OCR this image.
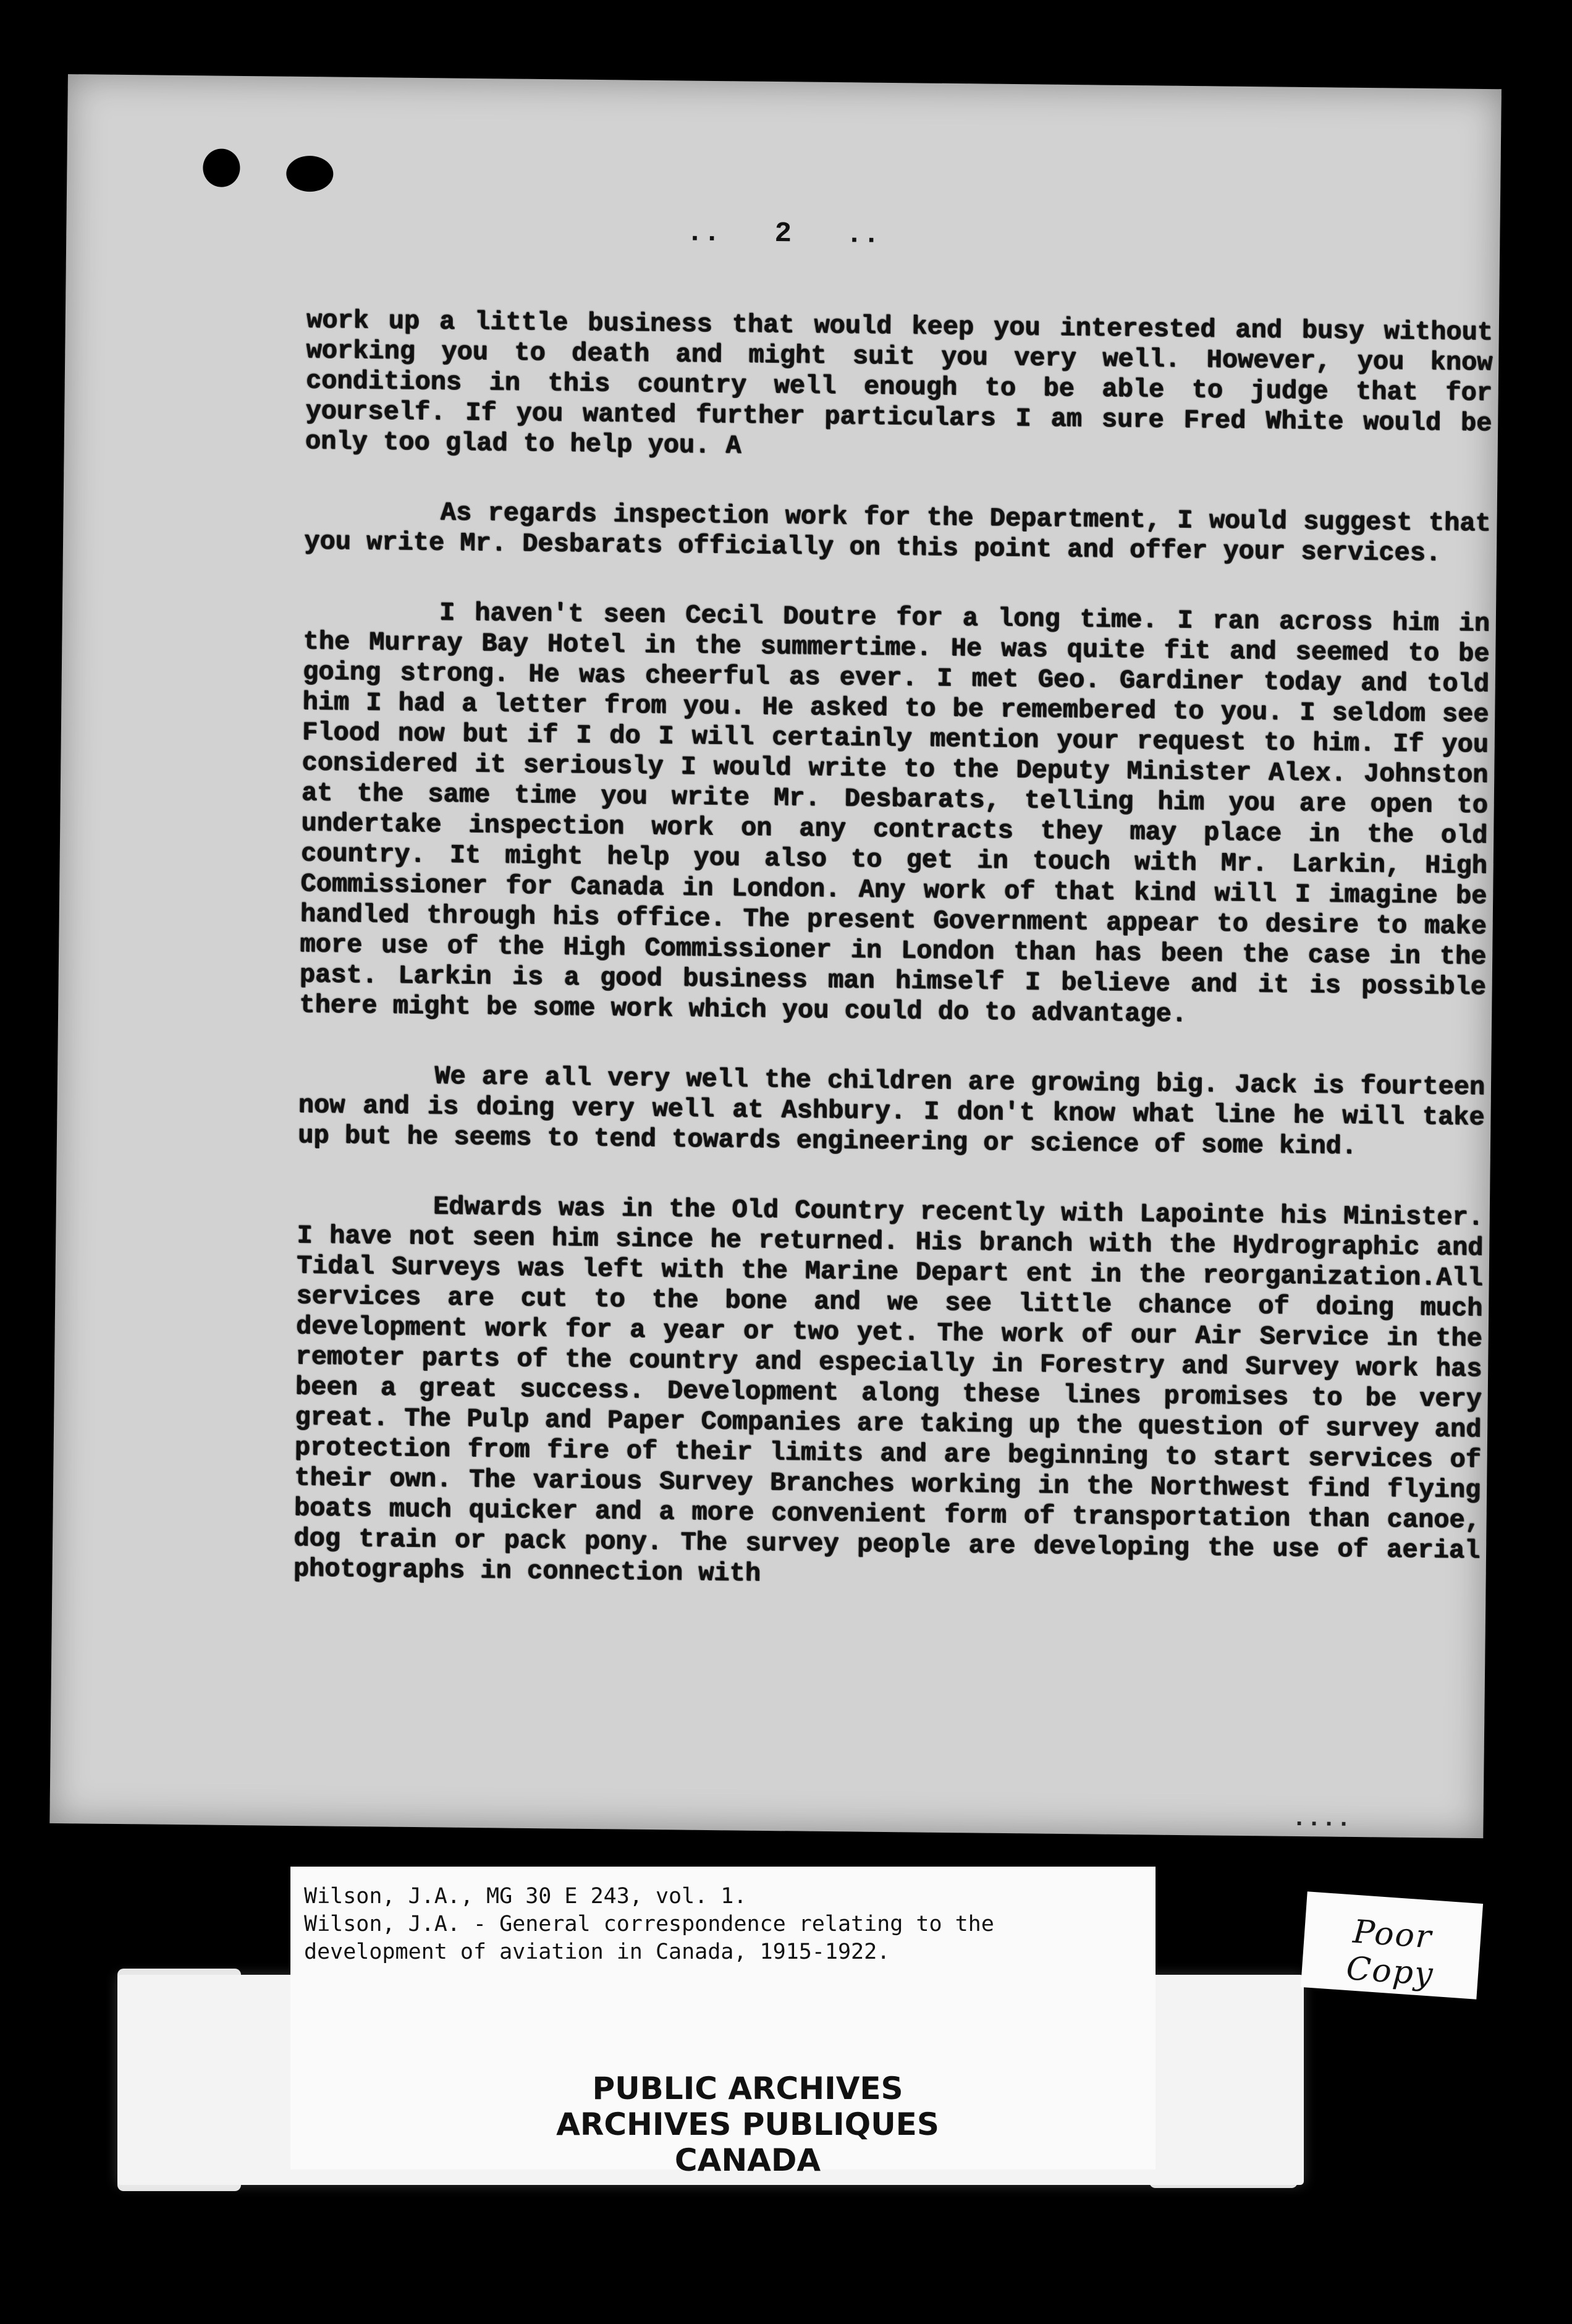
.. 2 ..

work up a little business that would keep you interested and busy without working you to death and might suit you very well. However, you know conditions in this country well enough to be able to judge that for yourself. If you wanted further particulars I am sure Fred White would be only too glad to help you. A

As regards inspection work for the Department, I would suggest that you write Mr. Desbarats officially on this point and offer your services.

I haven't seen Cecil Doutre for a long time. I ran across him in the Murray Bay Hotel in the summertime. He was quite fit and seemed to be going strong. He was cheerful as ever. I met Geo. Gardiner today and told him I had a letter from you. He asked to be remembered to you. I seldom see Flood now but if I do I will certainly mention your request to him. If you considered it seriously I would write to the Deputy Minister Alex. Johnston at the same time you write Mr. Desbarats, telling him you are open to undertake inspection work on any contracts they may place in the old country. It might help you also to get in touch with Mr. Larkin, High Commissioner for Canada in London. Any work of that kind will I imagine be handled through his office. The present Government appear to desire to make more use of the High Commissioner in London than has been the case in the past. Larkin is a good business man himself I believe and it is possible there might be some work which you could do to advantage.

We are all very well the children are growing big. Jack is fourteen now and is doing very well at Ashbury. I don't know what line he will take up but he seems to tend towards engineering or science of some kind.

Edwards was in the Old Country recently with Lapointe his Minister. I have not seen him since he returned. His branch with the Hydrographic and Tidal Surveys was left with the Marine Depart ent in the reorganization.All services are cut to the bone and we see little chance of doing much development work for a year or two yet. The work of our Air Service in the remoter parts of the country and especially in Forestry and Survey work has been a great success. Development along these lines promises to be very great. The Pulp and Paper Companies are taking up the question of survey and protection from fire of their limits and are beginning to start services of their own. The various Survey Branches working in the Northwest find flying boats much quicker and a more convenient form of transportation than canoe, dog train or pack pony. The survey people are developing the use of aerial photographs in connection with

....
Wilson, J.A., MG 30 E 243, vol. 1.
Wilson, J.A. - General correspondence relating to the
development of aviation in Canada, 1915-1922.
PUBLIC ARCHIVES
ARCHIVES PUBLIQUES
CANADA
Poor Copy
